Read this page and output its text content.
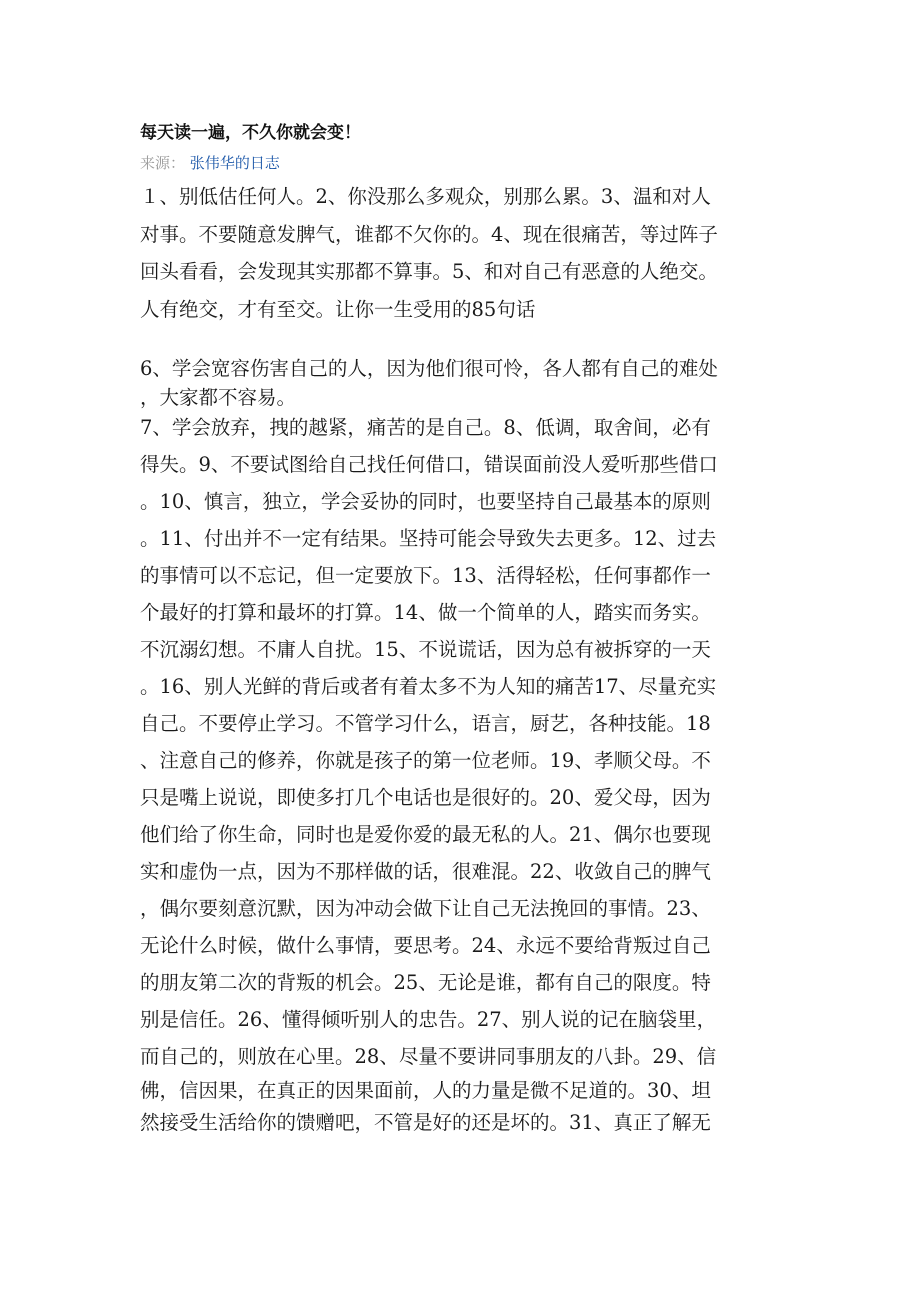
每天读一遍，不久你就会变！
来源： 张伟华的日志
１、别低估任何人。2、你没那么多观众，别那么累。3、温和对人
对事。不要随意发脾气，谁都不欠你的。4、现在很痛苦，等过阵子
回头看看，会发现其实那都不算事。5、和对自己有恶意的人绝交。
人有绝交，才有至交。让你一生受用的85句话
6、学会宽容伤害自己的人，因为他们很可怜，各人都有自己的难处
，大家都不容易。
7、学会放弃，拽的越紧，痛苦的是自己。8、低调，取舍间，必有
得失。9、不要试图给自己找任何借口，错误面前没人爱听那些借口
。10、慎言，独立，学会妥协的同时，也要坚持自己最基本的原则
。11、付出并不一定有结果。坚持可能会导致失去更多。12、过去
的事情可以不忘记，但一定要放下。13、活得轻松，任何事都作一
个最好的打算和最坏的打算。14、做一个简单的人，踏实而务实。
不沉溺幻想。不庸人自扰。15、不说谎话，因为总有被拆穿的一天
。16、别人光鲜的背后或者有着太多不为人知的痛苦17、尽量充实
自己。不要停止学习。不管学习什么，语言，厨艺，各种技能。18
、注意自己的修养，你就是孩子的第一位老师。19、孝顺父母。不
只是嘴上说说，即使多打几个电话也是很好的。20、爱父母，因为
他们给了你生命，同时也是爱你爱的最无私的人。21、偶尔也要现
实和虚伪一点，因为不那样做的话，很难混。22、收敛自己的脾气
，偶尔要刻意沉默，因为冲动会做下让自己无法挽回的事情。23、
无论什么时候，做什么事情，要思考。24、永远不要给背叛过自己
的朋友第二次的背叛的机会。25、无论是谁，都有自己的限度。特
别是信任。26、懂得倾听别人的忠告。27、别人说的记在脑袋里，
而自己的，则放在心里。28、尽量不要讲同事朋友的八卦。29、信
佛，信因果，在真正的因果面前，人的力量是微不足道的。30、坦
然接受生活给你的馈赠吧，不管是好的还是坏的。31、真正了解无
